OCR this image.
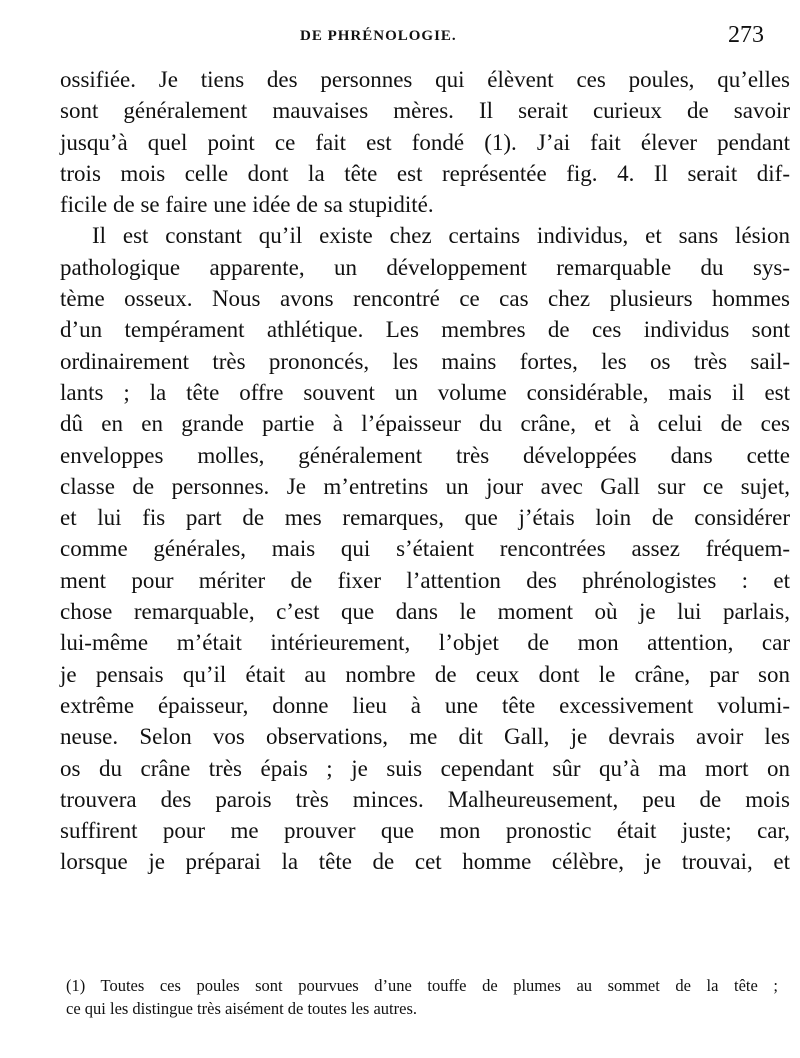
DE PHRÉNOLOGIE.	273
ossifiée. Je tiens des personnes qui élèvent ces poules, qu’elles
sont généralement mauvaises mères. Il serait curieux de savoir
jusqu’à quel point ce fait est fondé (1). J’ai fait élever pendant
trois mois celle dont la tête est représentée fig. 4. Il serait dif-
ficile de se faire une idée de sa stupidité.
Il est constant qu’il existe chez certains individus, et sans lésion
pathologique apparente, un développement remarquable du sys-
tème osseux. Nous avons rencontré ce cas chez plusieurs hommes
d’un tempérament athlétique. Les membres de ces individus sont
ordinairement très prononcés, les mains fortes, les os très sail-
lants ; la tête offre souvent un volume considérable, mais il est
dû en en grande partie à l’épaisseur du crâne, et à celui de ces
enveloppes molles, généralement très développées dans cette
classe de personnes. Je m’entretins un jour avec Gall sur ce sujet,
et lui fis part de mes remarques, que j’étais loin de considérer
comme générales, mais qui s’étaient rencontrées assez fréquem-
ment pour mériter de fixer l’attention des phrénologistes : et
chose remarquable, c’est que dans le moment où je lui parlais,
lui-même m’était intérieurement, l’objet de mon attention, car
je pensais qu’il était au nombre de ceux dont le crâne, par son
extrême épaisseur, donne lieu à une tête excessivement volumi-
neuse. Selon vos observations, me dit Gall, je devrais avoir les
os du crâne très épais ; je suis cependant sûr qu’à ma mort on
trouvera des parois très minces. Malheureusement, peu de mois
suffirent pour me prouver que mon pronostic était juste; car,
lorsque je préparai la tête de cet homme célèbre, je trouvai, et
(1) Toutes ces poules sont pourvues d’une touffe de plumes au sommet de la tête ;
ce qui les distingue très aisément de toutes les autres.
